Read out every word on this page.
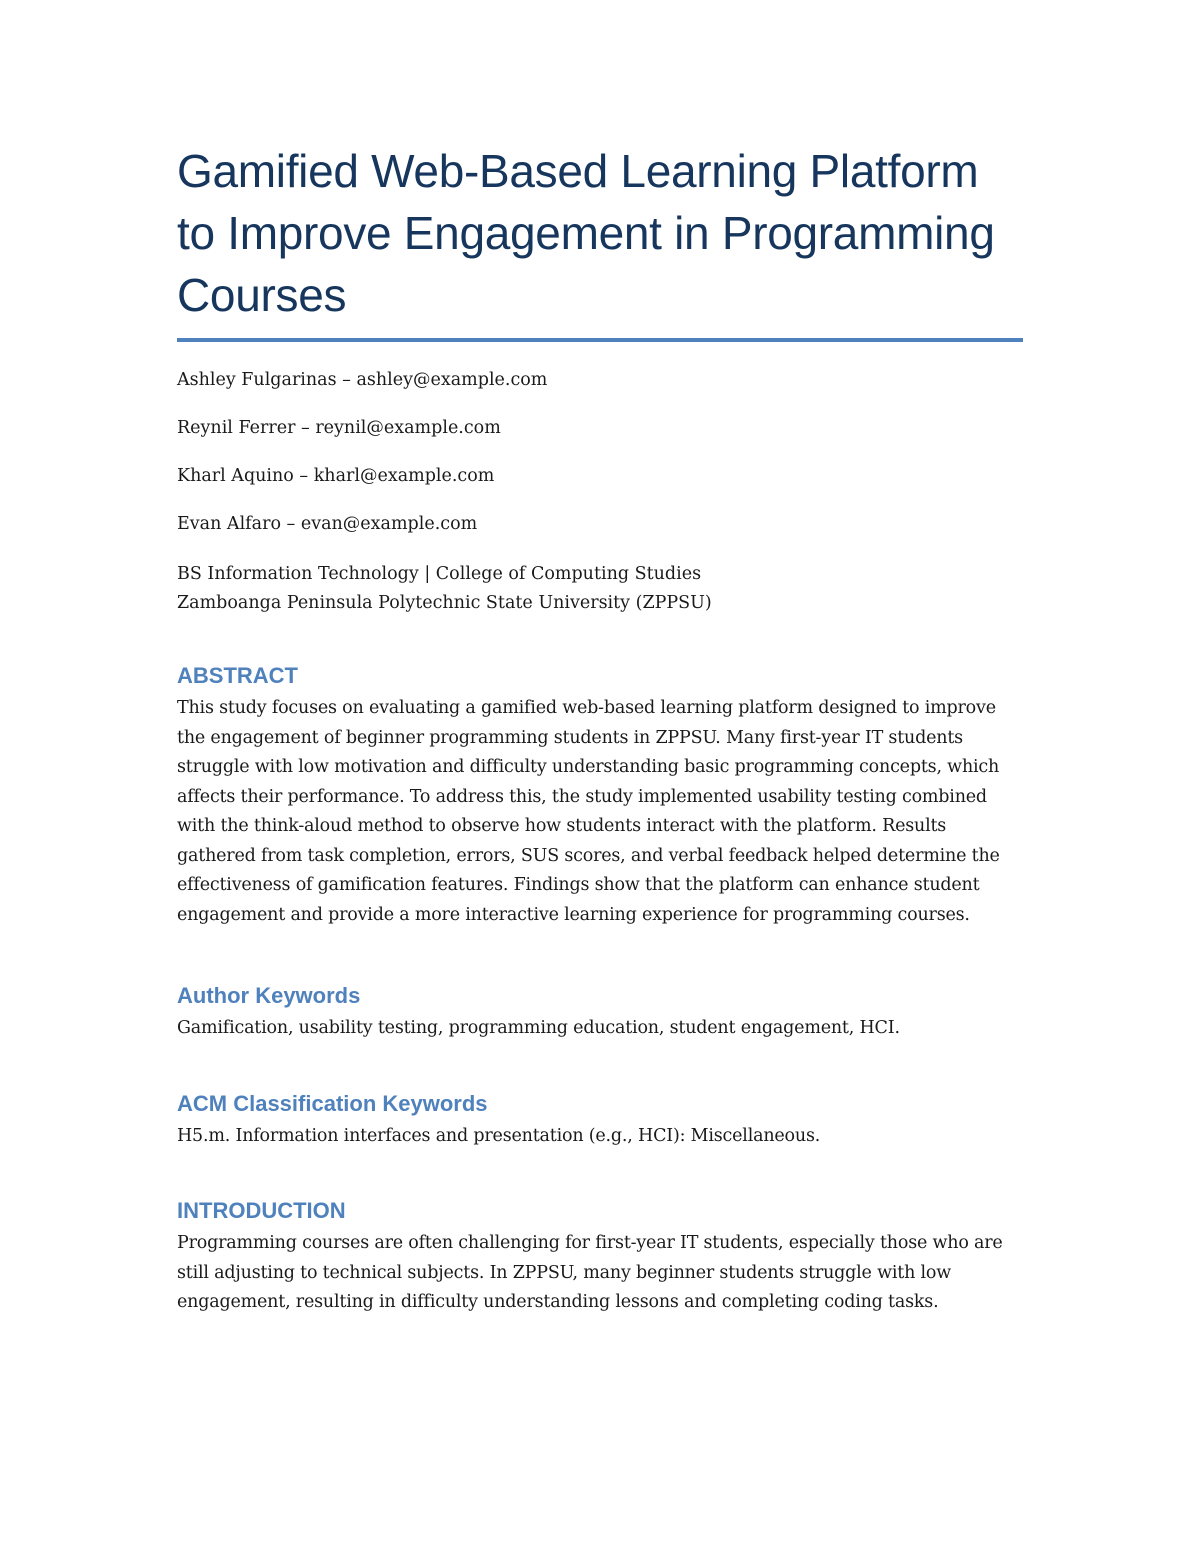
Gamified Web-Based Learning Platform to Improve Engagement in Programming Courses

Ashley Fulgarinas – ashley@example.com

Reynil Ferrer – reynil@example.com

Kharl Aquino – kharl@example.com

Evan Alfaro – evan@example.com

BS Information Technology | College of Computing Studies

Zamboanga Peninsula Polytechnic State University (ZPPSU)

ABSTRACT

This study focuses on evaluating a gamified web-based learning platform designed to improve the engagement of beginner programming students in ZPPSU. Many first-year IT students struggle with low motivation and difficulty understanding basic programming concepts, which affects their performance. To address this, the study implemented usability testing combined with the think-aloud method to observe how students interact with the platform. Results gathered from task completion, errors, SUS scores, and verbal feedback helped determine the effectiveness of gamification features. Findings show that the platform can enhance student engagement and provide a more interactive learning experience for programming courses.

Author Keywords

Gamification, usability testing, programming education, student engagement, HCI.

ACM Classification Keywords

H5.m. Information interfaces and presentation (e.g., HCI): Miscellaneous.

INTRODUCTION

Programming courses are often challenging for first-year IT students, especially those who are still adjusting to technical subjects. In ZPPSU, many beginner students struggle with low engagement, resulting in difficulty understanding lessons and completing coding tasks.
